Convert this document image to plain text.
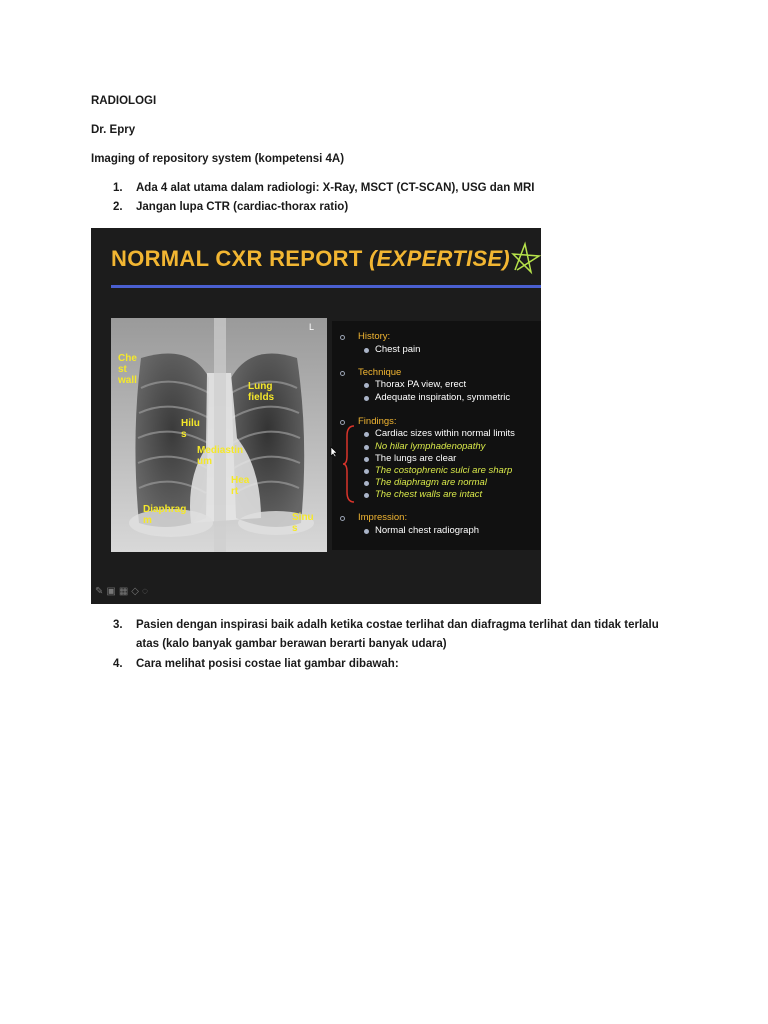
RADIOLOGI
Dr. Epry
Imaging of repository system (kompetensi 4A)
1. Ada 4 alat utama dalam radiologi: X-Ray, MSCT (CT-SCAN), USG dan MRI
2. Jangan lupa CTR (cardiac-thorax ratio)
NORMAL CXR REPORT (EXPERTISE)
L
Che
st
wall
Lung
fields
Hilu
s
Mediastin
um
Hea
rt
Diaphrag
m	Sinu
s
History:
Chest pain
Technique
Thorax PA view, erect
Adequate inspiration, symmetric
Findings:
Cardiac sizes within normal limits
No hilar lymphadenopathy
The lungs are clear
The costophrenic sulci are sharp
The diaphragm are normal
The chest walls are intact
Impression:
Normal chest radiograph
✎▣▦◇◌
3. Pasien dengan inspirasi baik adalh ketika costae terlihat dan diafragma terlihat dan tidak terlalu
atas (kalo banyak gambar berawan berarti banyak udara)
4. Cara melihat posisi costae liat gambar dibawah:
